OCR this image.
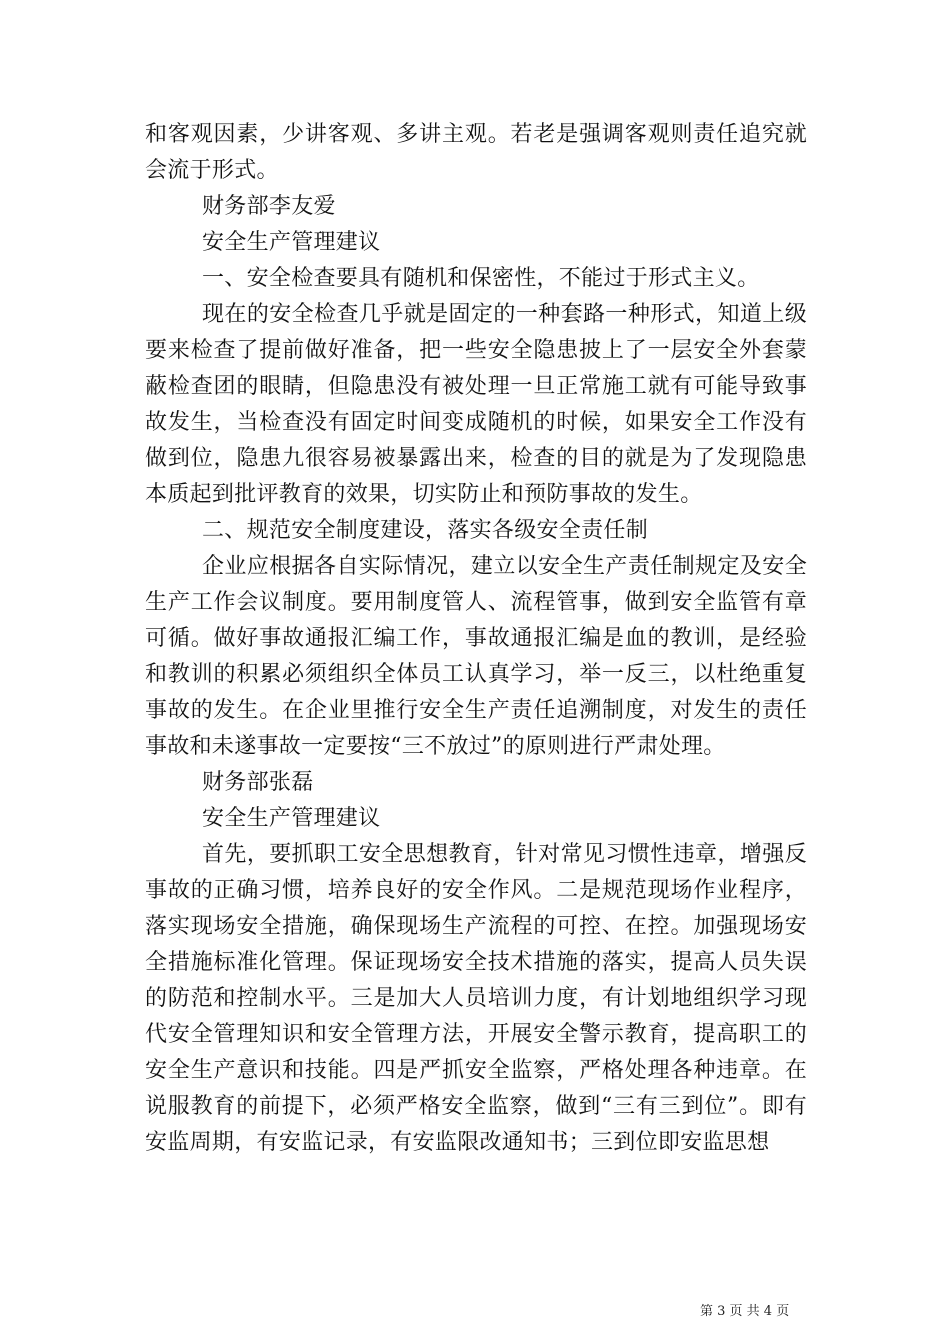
和客观因素，少讲客观、多讲主观。若老是强调客观则责任追究就会流于形式。

财务部李友爱

安全生产管理建议

一、安全检查要具有随机和保密性，不能过于形式主义。

现在的安全检查几乎就是固定的一种套路一种形式，知道上级要来检查了提前做好准备，把一些安全隐患披上了一层安全外套蒙蔽检查团的眼睛，但隐患没有被处理一旦正常施工就有可能导致事故发生，当检查没有固定时间变成随机的时候，如果安全工作没有做到位，隐患九很容易被暴露出来，检查的目的就是为了发现隐患本质起到批评教育的效果，切实防止和预防事故的发生。

二、规范安全制度建设，落实各级安全责任制

企业应根据各自实际情况，建立以安全生产责任制规定及安全生产工作会议制度。要用制度管人、流程管事，做到安全监管有章可循。做好事故通报汇编工作，事故通报汇编是血的教训，是经验和教训的积累必须组织全体员工认真学习，举一反三，以杜绝重复事故的发生。在企业里推行安全生产责任追溯制度，对发生的责任事故和未遂事故一定要按“三不放过”的原则进行严肃处理。

财务部张磊

安全生产管理建议

首先，要抓职工安全思想教育，针对常见习惯性违章，增强反事故的正确习惯，培养良好的安全作风。二是规范现场作业程序，落实现场安全措施，确保现场生产流程的可控、在控。加强现场安全措施标准化管理。保证现场安全技术措施的落实，提高人员失误的防范和控制水平。三是加大人员培训力度，有计划地组织学习现代安全管理知识和安全管理方法，开展安全警示教育，提高职工的安全生产意识和技能。四是严抓安全监察，严格处理各种违章。在说服教育的前提下，必须严格安全监察，做到“三有三到位”。即有安监周期，有安监记录，有安监限改通知书；三到位即安监思想

第 3 页 共 4 页
